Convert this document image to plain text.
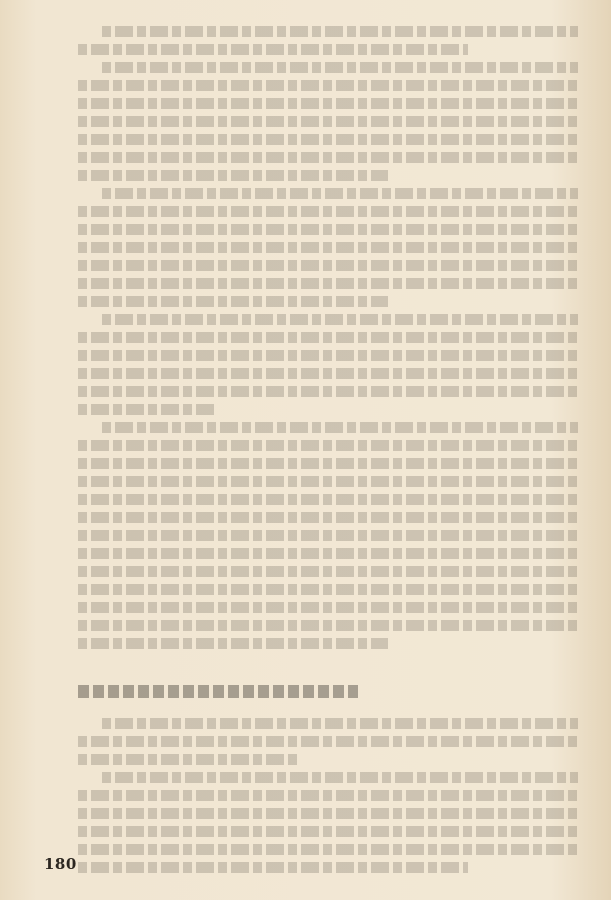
180
